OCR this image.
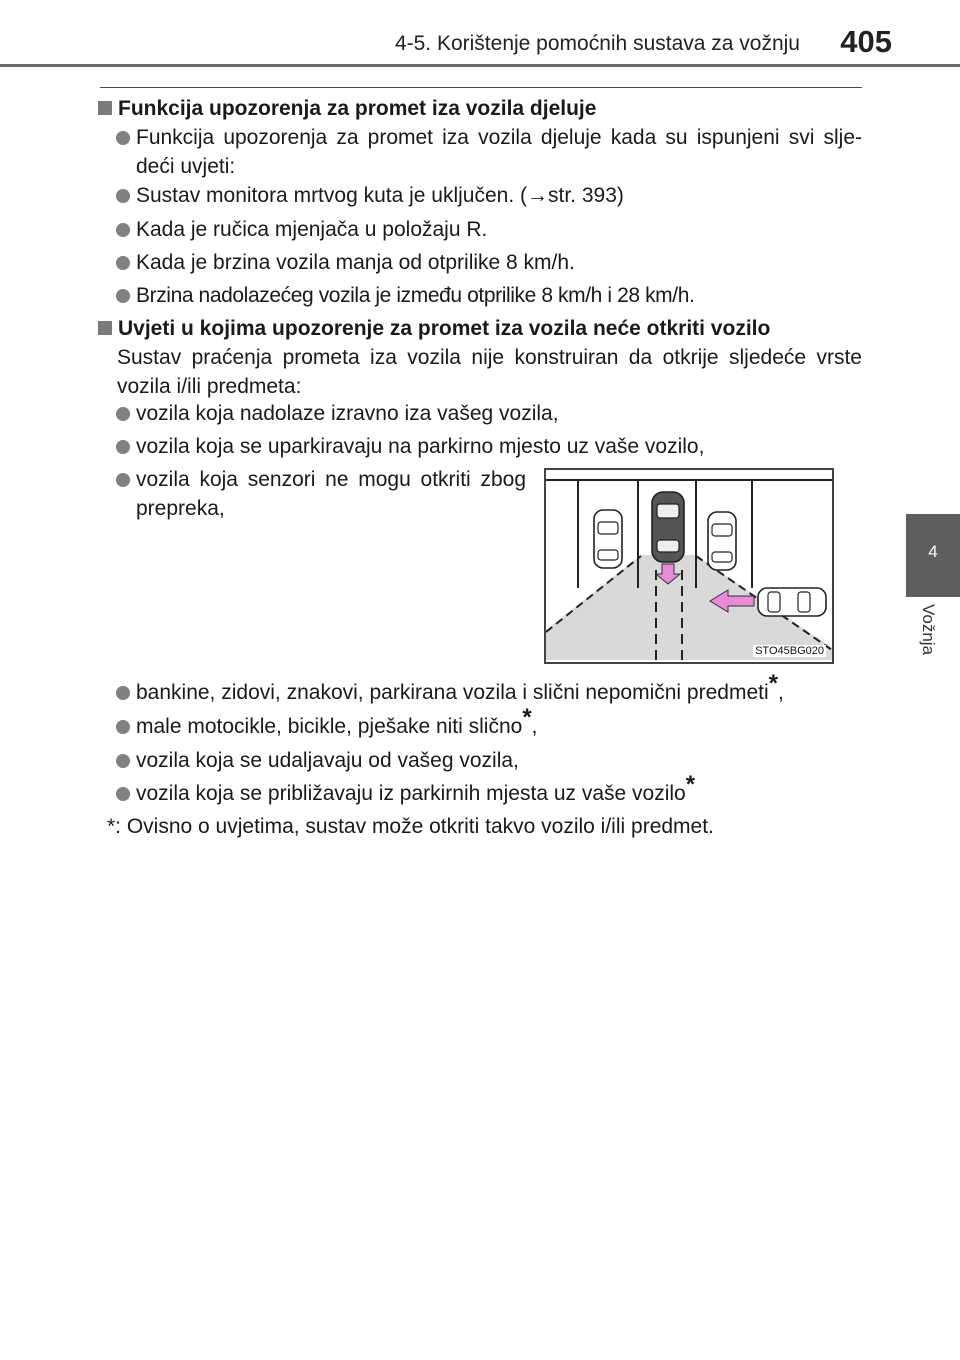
4-5. Korištenje pomoćnih sustava za vožnju 405
4
Vožnja
Funkcija upozorenja za promet iza vozila djeluje
Funkcija upozorenja za promet iza vozila djeluje kada su ispunjeni svi slje-deći uvjeti:
Sustav monitora mrtvog kuta je uključen. (→str. 393)
Kada je ručica mjenjača u položaju R.
Kada je brzina vozila manja od otprilike 8 km/h.
Brzina nadolazećeg vozila je između otprilike 8 km/h i 28 km/h.
Uvjeti u kojima upozorenje za promet iza vozila neće otkriti vozilo
Sustav praćenja prometa iza vozila nije konstruiran da otkrije sljedeće vrste vozila i/ili predmeta:
vozila koja nadolaze izravno iza vašeg vozila,
vozila koja se uparkiravaju na parkirno mjesto uz vaše vozilo,
vozila koja senzori ne mogu otkriti zbog prepreka,
STO45BG020
bankine, zidovi, znakovi, parkirana vozila i slični nepomični predmeti*,
male motocikle, bicikle, pješake niti slično*,
vozila koja se udaljavaju od vašeg vozila,
vozila koja se približavaju iz parkirnih mjesta uz vaše vozilo*
*: Ovisno o uvjetima, sustav može otkriti takvo vozilo i/ili predmet.
